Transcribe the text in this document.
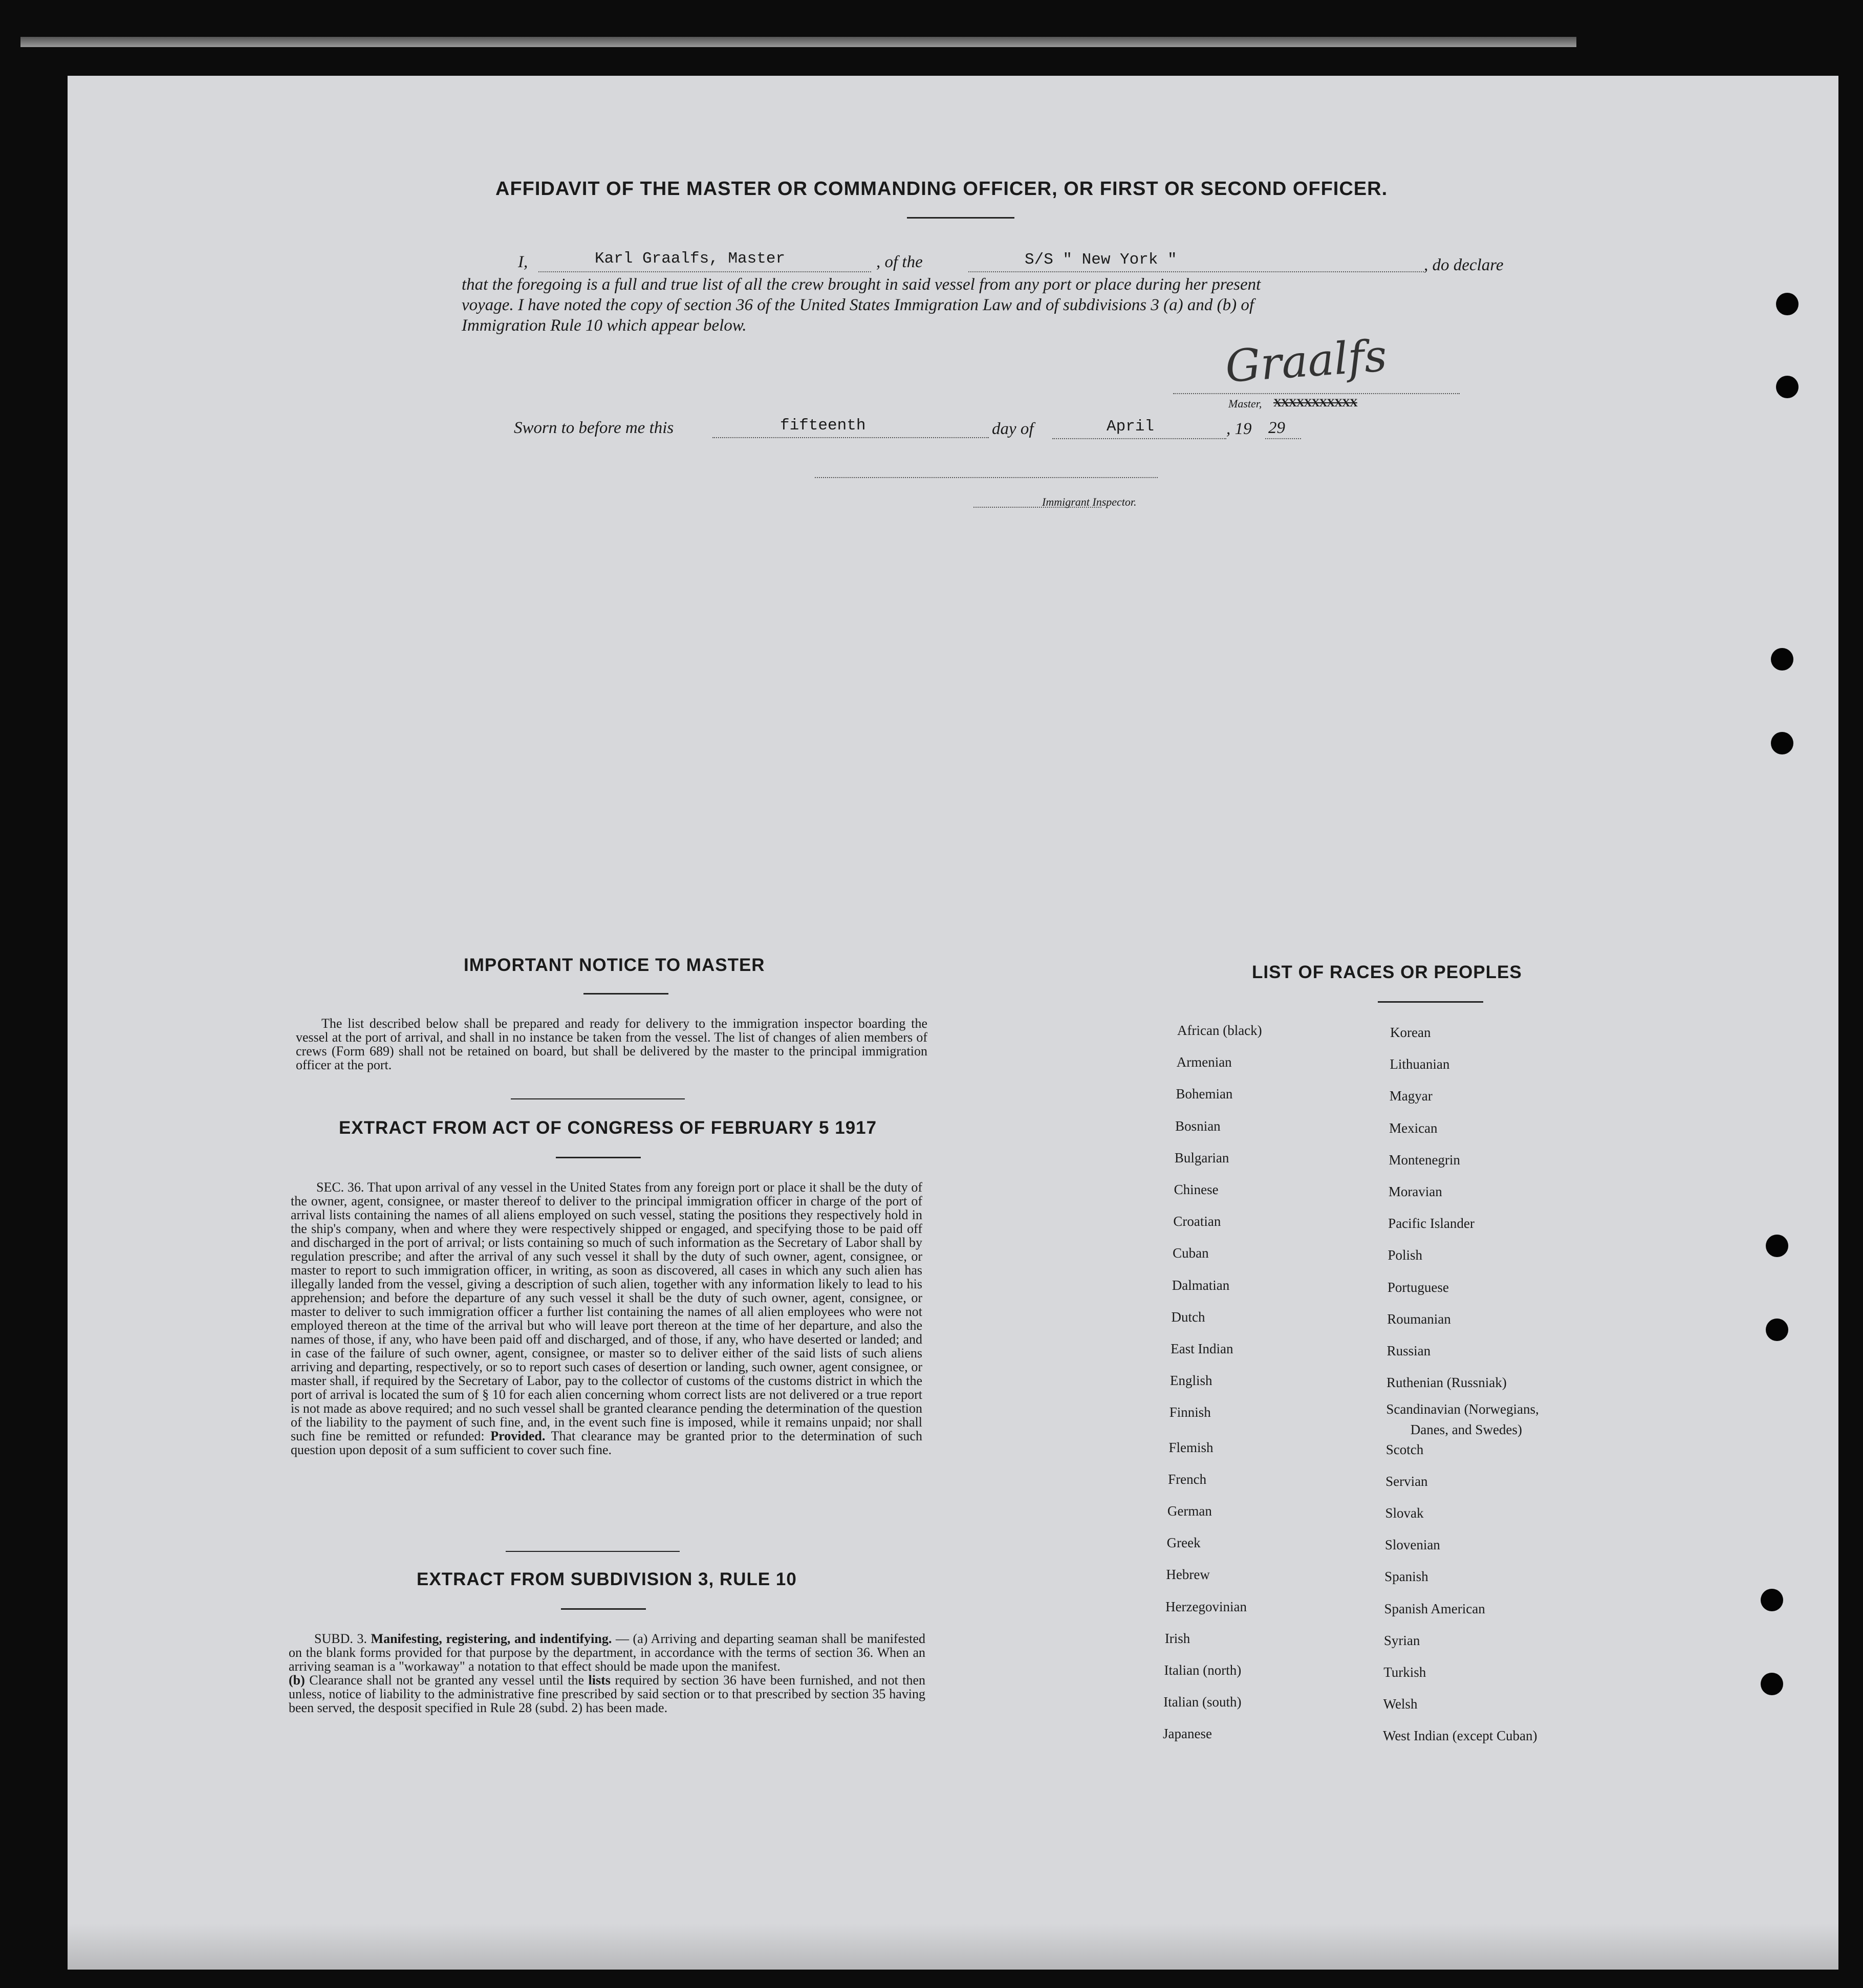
AFFIDAVIT OF THE MASTER OR COMMANDING OFFICER, OR FIRST OR SECOND OFFICER.
I,	Karl Graalfs, Master	, of the	S/S " New York "	, do declare
that the foregoing is a full and true list of all the crew brought in said vessel from any port or place during her present
voyage. I have noted the copy of section 36 of the United States Immigration Law and of subdivisions 3 (a) and (b) of
Immigration Rule 10 which appear below.
Graalfs
Master, XXXXXXXXXXX
Sworn to before me this	fifteenth	day of	April	, 19 29
Immigrant Inspector.
IMPORTANT NOTICE TO MASTER
The list described below shall be prepared and ready for delivery to the immigration inspector boarding the vessel at the port of arrival, and shall in no instance be taken from the vessel. The list of changes of alien members of crews (Form 689) shall not be retained on board, but shall be delivered by the master to the principal immigration officer at the port.
EXTRACT FROM ACT OF CONGRESS OF FEBRUARY 5 1917
SEC. 36. That upon arrival of any vessel in the United States from any foreign port or place it shall be the duty of the owner, agent, consignee, or master thereof to deliver to the principal immigration officer in charge of the port of arrival lists containing the names of all aliens employed on such vessel, stating the positions they respectively hold in the ship's company, when and where they were respectively shipped or engaged, and specifying those to be paid off and discharged in the port of arrival; or lists containing so much of such information as the Secretary of Labor shall by regulation prescribe; and after the arrival of any such vessel it shall by the duty of such owner, agent, consignee, or master to report to such immigration officer, in writing, as soon as discovered, all cases in which any such alien has illegally landed from the vessel, giving a description of such alien, together with any information likely to lead to his apprehension; and before the departure of any such vessel it shall be the duty of such owner, agent, consignee, or master to deliver to such immigration officer a further list containing the names of all alien employees who were not employed thereon at the time of the arrival but who will leave port thereon at the time of her departure, and also the names of those, if any, who have been paid off and discharged, and of those, if any, who have deserted or landed; and in case of the failure of such owner, agent, consignee, or master so to deliver either of the said lists of such aliens arriving and departing, respectively, or so to report such cases of desertion or landing, such owner, agent consignee, or master shall, if required by the Secretary of Labor, pay to the collector of customs of the customs district in which the port of arrival is located the sum of § 10 for each alien concerning whom correct lists are not delivered or a true report is not made as above required; and no such vessel shall be granted clearance pending the determination of the question of the liability to the payment of such fine, and, in the event such fine is imposed, while it remains unpaid; nor shall such fine be remitted or refunded: Provided. That clearance may be granted prior to the determination of such question upon deposit of a sum sufficient to cover such fine.
EXTRACT FROM SUBDIVISION 3, RULE 10
SUBD. 3. Manifesting, registering, and indentifying. — (a) Arriving and departing seaman shall be manifested on the blank forms provided for that purpose by the department, in accordance with the terms of section 36. When an arriving seaman is a "workaway" a notation to that effect should be made upon the manifest.
(b) Clearance shall not be granted any vessel until the lists required by section 36 have been furnished, and not then unless, notice of liability to the administrative fine prescribed by said section or to that prescribed by section 35 having been served, the desposit specified in Rule 28 (subd. 2) has been made.
LIST OF RACES OR PEOPLES
African (black)
Armenian
Bohemian
Bosnian
Bulgarian
Chinese
Croatian
Cuban
Dalmatian
Dutch
East Indian
English
Finnish
Flemish
French
German
Greek
Hebrew
Herzegovinian
Irish
Italian (north)
Italian (south)
Japanese
Korean
Lithuanian
Magyar
Mexican
Montenegrin
Moravian
Pacific Islander
Polish
Portuguese
Roumanian
Russian
Ruthenian (Russniak)
Scandinavian (Norwegians,
Danes, and Swedes)
Scotch
Servian
Slovak
Slovenian
Spanish
Spanish American
Syrian
Turkish
Welsh
West Indian (except Cuban)
